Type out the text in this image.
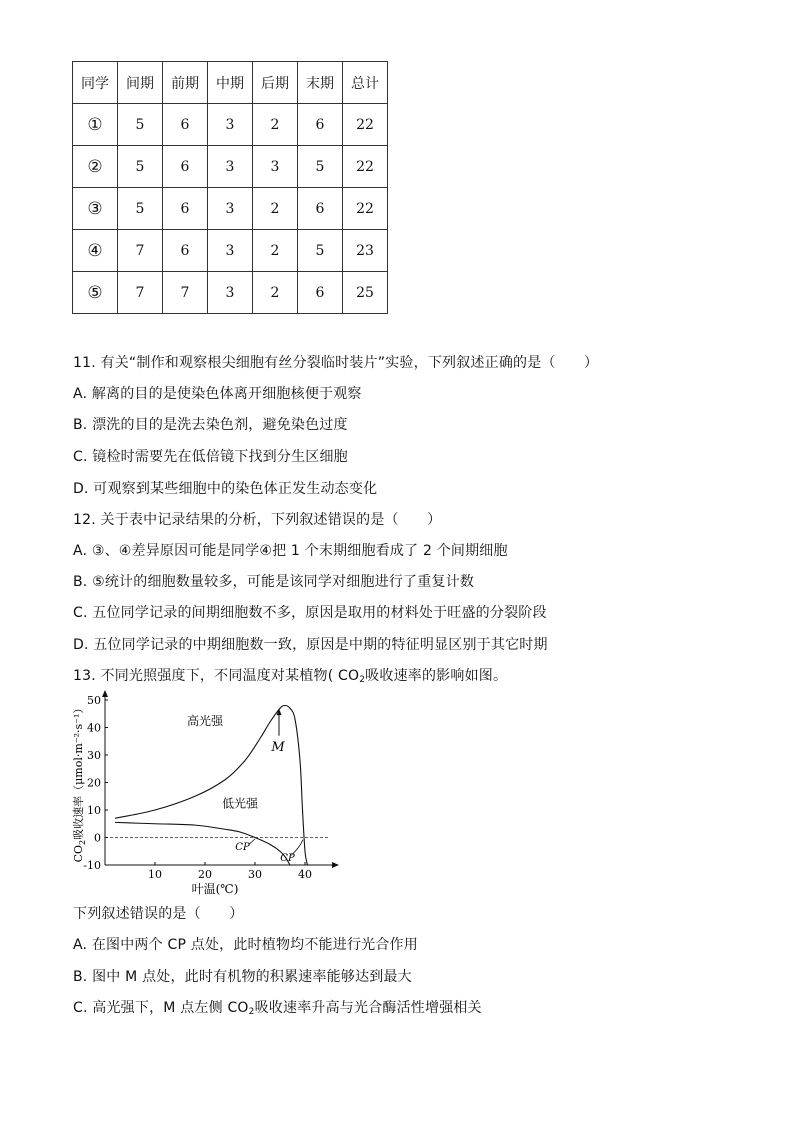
同学	间期	前期	中期	后期	末期	总计
①	5	6	3	2	6	22
②	5	6	3	3	5	22
③	5	6	3	2	6	22
④	7	6	3	2	5	23
⑤	7	7	3	2	6	25
11. 有关“制作和观察根尖细胞有丝分裂临时装片”实验，下列叙述正确的是（　　）
A. 解离的目的是使染色体离开细胞核便于观察
B. 漂洗的目的是洗去染色剂，避免染色过度
C. 镜检时需要先在低倍镜下找到分生区细胞
D. 可观察到某些细胞中的染色体正发生动态变化
12. 关于表中记录结果的分析，下列叙述错误的是（　　）
A. ③、④差异原因可能是同学④把 1 个末期细胞看成了 2 个间期细胞
B. ⑤统计的细胞数量较多，可能是该同学对细胞进行了重复计数
C. 五位同学记录的间期细胞数不多，原因是取用的材料处于旺盛的分裂阶段
D. 五位同学记录的中期细胞数一致，原因是中期的特征明显区别于其它时期
13. 不同光照强度下，不同温度对某植物( $CO_2$吸收速率的影响如图。
50
40
30
20
10
0
-10
10	20	30	40
叶温(℃)
$CO_2$吸收速率（μmol·m⁻²·s⁻¹）	高光强
低光强
M
CP
CP
下列叙述错误的是（　　）
A. 在图中两个 CP 点处，此时植物均不能进行光合作用
B. 图中 M 点处，此时有机物的积累速率能够达到最大
C. 高光强下，M 点左侧 $CO_2$吸收速率升高与光合酶活性增强相关
